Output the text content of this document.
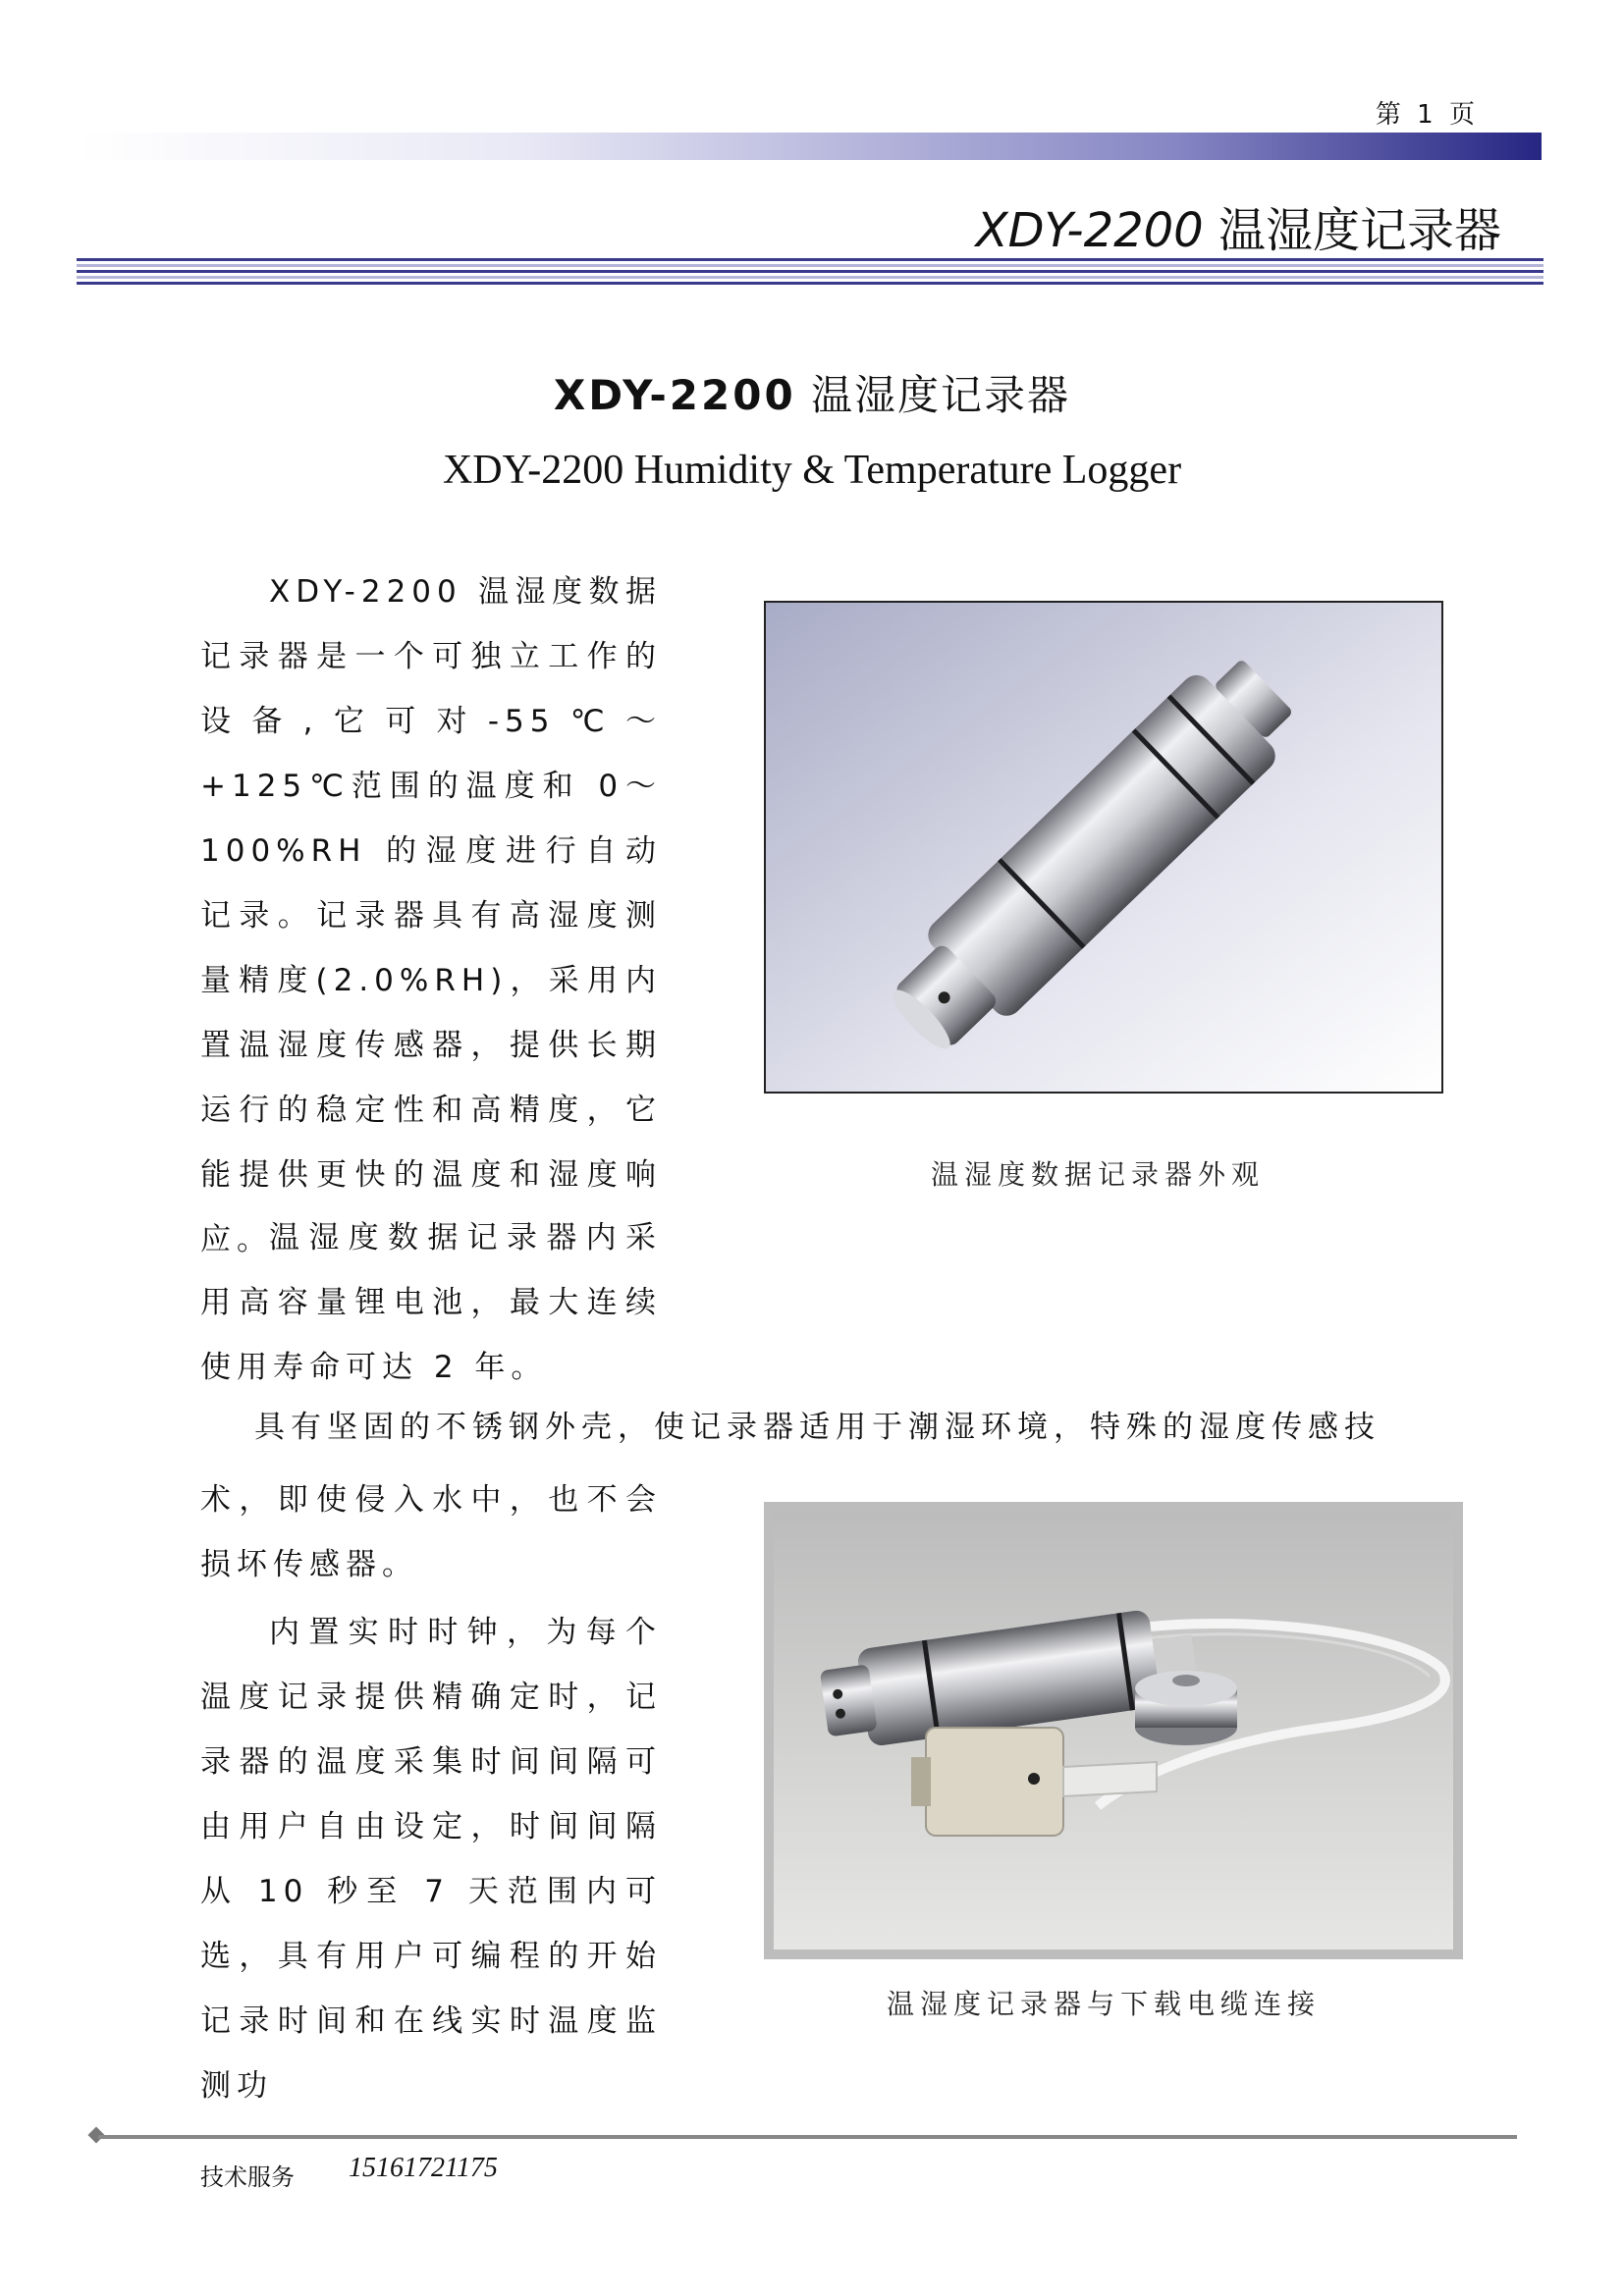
第 1 页
XDY-2200 温湿度记录器
XDY-2200 温湿度记录器
XDY-2200 Humidity & Temperature Logger
XDY-2200 温湿度数据记录器是一个可独立工作的设备,它可对-55℃～+125℃范围的温度和 0～100%RH 的湿度进行自动记录。记录器具有高湿度测量精度(2.0%RH)，采用内置温湿度传感器，提供长期运行的稳定性和高精度，它能提供更快的温度和湿度响应。
温湿度数据记录器内采用高容量锂电池，最大连续使用寿命可达 2 年。
具有坚固的不锈钢外壳，使记录器适用于潮湿环境，特殊的湿度传感技
术，即使侵入水中，也不会损坏传感器。
内置实时时钟，为每个温度记录提供精确定时，记录器的温度采集时间间隔可由用户自由设定，时间间隔从 10 秒至 7 天范围内可选，具有用户可编程的开始记录时间和在线实时温度监测功
温湿度数据记录器外观
温湿度记录器与下载电缆连接
技术服务 15161721175
